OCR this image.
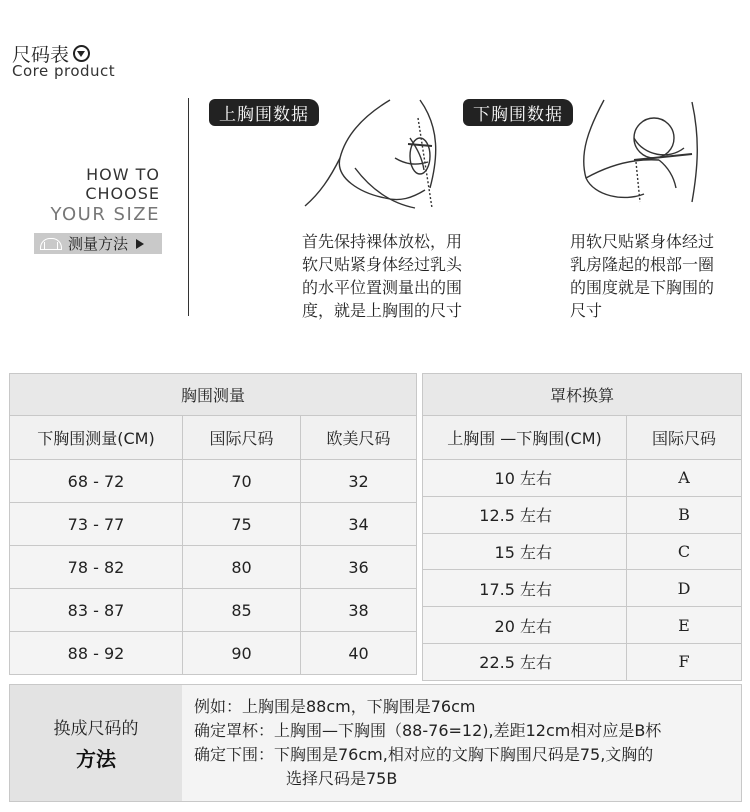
尺码表
Core product
HOW TO
CHOOSE
YOUR SIZE
测量方法
上胸围数据
首先保持裸体放松，用
软尺贴紧身体经过乳头
的水平位置测量出的围
度，就是上胸围的尺寸
下胸围数据
用软尺贴紧身体经过
乳房隆起的根部一圈
的围度就是下胸围的
尺寸
胸围测量		
下胸围测量(CM)	国际尺码	欧美尺码
68 - 72	70	32
73 - 77	75	34
78 - 82	80	36
83 - 87	85	38
88 - 92	90	40
罩杯换算	
上胸围 —下胸围(CM)	国际尺码
10 左右	A
12.5 左右	B
15 左右	C
17.5 左右	D
20 左右	E
22.5 左右	F
换成尺码的
方法
例如：上胸围是88cm，下胸围是76cm
确定罩杯：上胸围—下胸围（88-76=12),差距12cm相对应是B杯
确定下围：下胸围是76cm,相对应的文胸下胸围尺码是75,文胸的
选择尺码是75B
